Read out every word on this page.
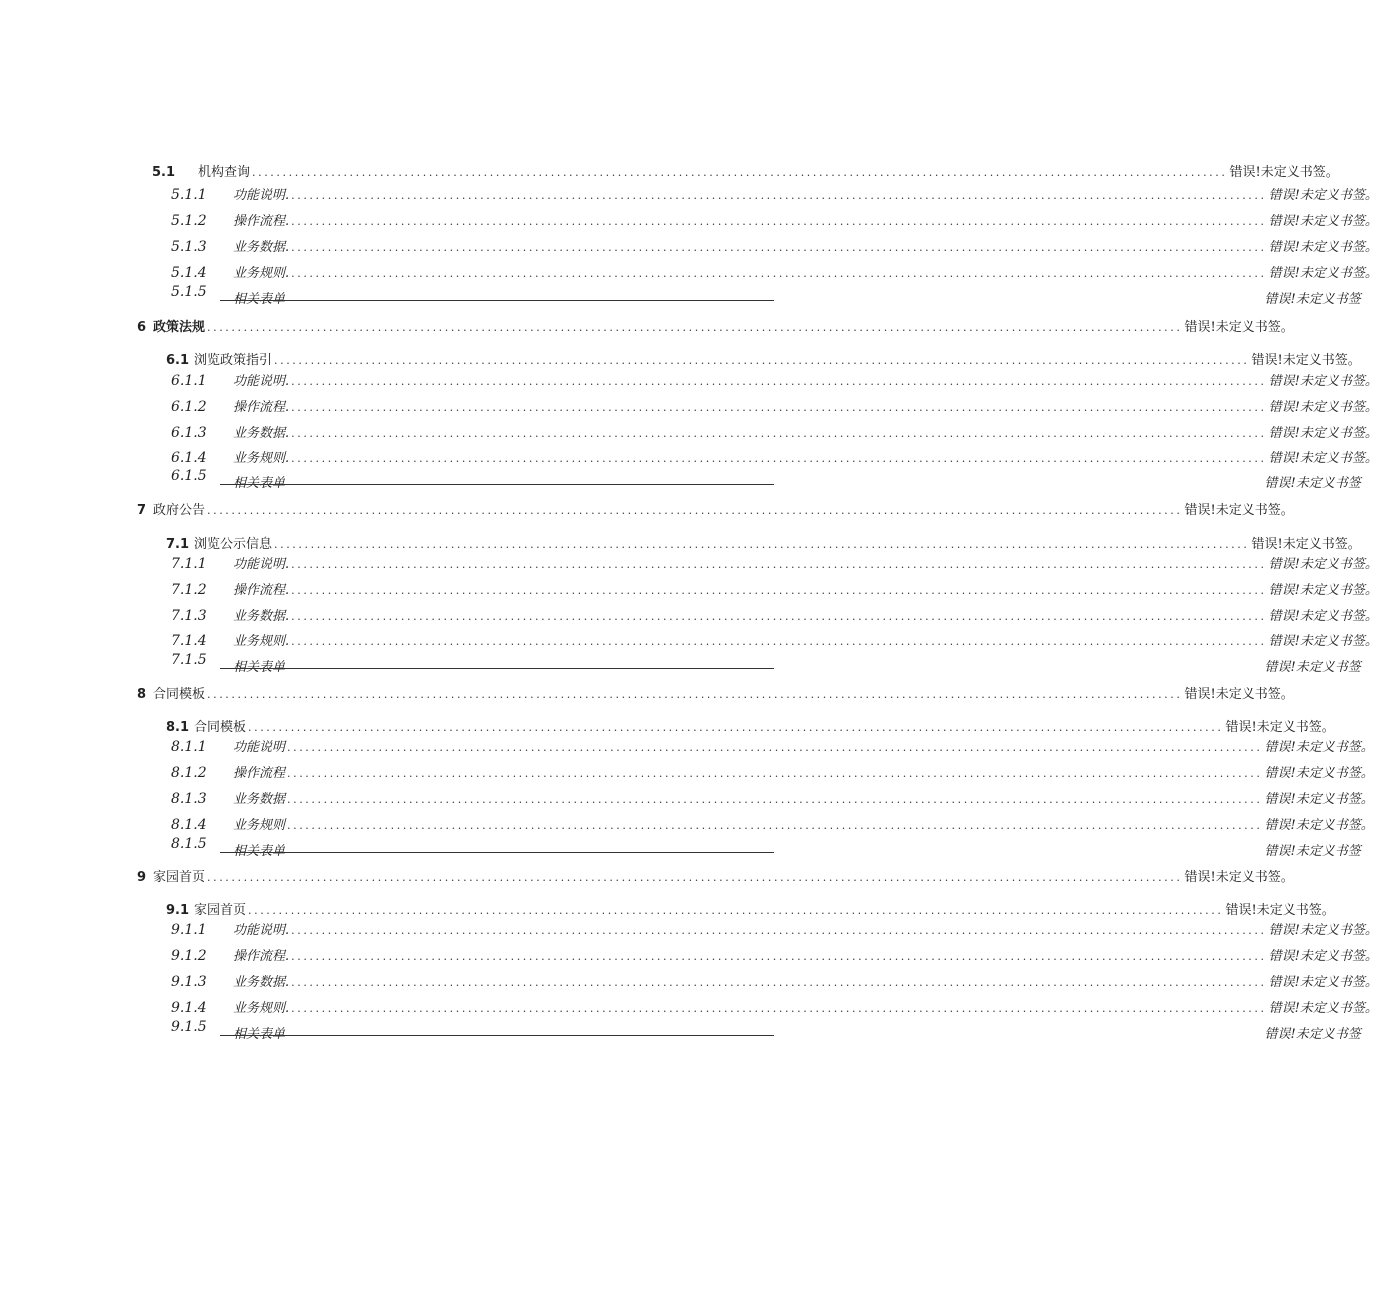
5.1	机构查询 .....	错误!未定义书签。
5.1.1	功能说明. .....	错误!未定义书签。
5.1.2	操作流程. .....	错误!未定义书签。
5.1.3	业务数据. .....	错误!未定义书签。
5.1.4	业务规则. .....	错误!未定义书签。
5.1.5	相关表单	错误!未定义书签
6 政策法规 .....	错误!未定义书签。
6.1 浏览政策指引 .....	错误!未定义书签。
6.1.1	功能说明. .....	错误!未定义书签。
6.1.2	操作流程. .....	错误!未定义书签。
6.1.3	业务数据. .....	错误!未定义书签。
6.1.4	业务规则. .....	错误!未定义书签。
6.1.5	相关表单	错误!未定义书签
7 政府公告 .....	错误!未定义书签。
7.1 浏览公示信息 .....	错误!未定义书签。
7.1.1	功能说明. .....	错误!未定义书签。
7.1.2	操作流程. .....	错误!未定义书签。
7.1.3	业务数据. .....	错误!未定义书签。
7.1.4	业务规则. .....	错误!未定义书签。
7.1.5	相关表单	错误!未定义书签
8 合同模板 .....	错误!未定义书签。
8.1 合同模板 .....	错误!未定义书签。
8.1.1	功能说明 .....	错误!未定义书签。
8.1.2	操作流程 .....	错误!未定义书签。
8.1.3	业务数据 .....	错误!未定义书签。
8.1.4	业务规则 .....	错误!未定义书签。
8.1.5	相关表单	错误!未定义书签
9 家园首页 .....	错误!未定义书签。
9.1 家园首页 .....	错误!未定义书签。
9.1.1	功能说明. .....	错误!未定义书签。
9.1.2	操作流程. .....	错误!未定义书签。
9.1.3	业务数据. .....	错误!未定义书签。
9.1.4	业务规则. .....	错误!未定义书签。
9.1.5	相关表单	错误!未定义书签
